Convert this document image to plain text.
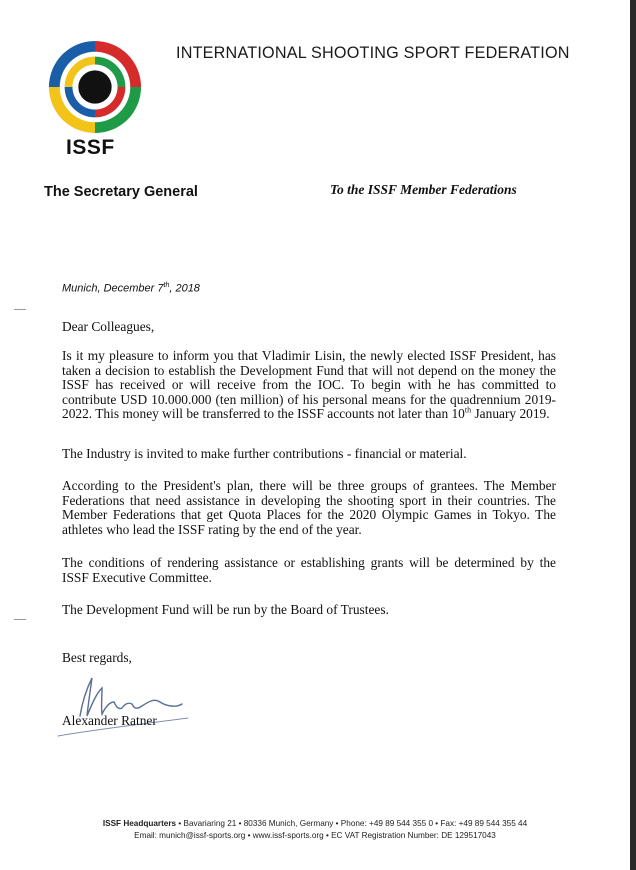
ISSF
INTERNATIONAL SHOOTING SPORT FEDERATION
The Secretary General	To the ISSF Member Federations
Munich, December 7th, 2018
Dear Colleagues,

Is it my pleasure to inform you that Vladimir Lisin, the newly elected ISSF President, has taken a decision to establish the Development Fund that will not depend on the money the ISSF has received or will receive from the IOC. To begin with he has committed to contribute USD 10.000.000 (ten million) of his personal means for the quadrennium 2019-2022. This money will be transferred to the ISSF accounts not later than 10th January 2019.

The Industry is invited to make further contributions - financial or material.

According to the President's plan, there will be three groups of grantees. The Member Federations that need assistance in developing the shooting sport in their countries. The Member Federations that get Quota Places for the 2020 Olympic Games in Tokyo. The athletes who lead the ISSF rating by the end of the year.

The conditions of rendering assistance or establishing grants will be determined by the ISSF Executive Committee.

The Development Fund will be run by the Board of Trustees.

Best regards,
Alexander Ratner
ISSF Headquarters • Bavariaring 21 • 80336 Munich, Germany • Phone: +49 89 544 355 0 • Fax: +49 89 544 355 44
Email: munich@issf-sports.org • www.issf-sports.org • EC VAT Registration Number: DE 129517043
